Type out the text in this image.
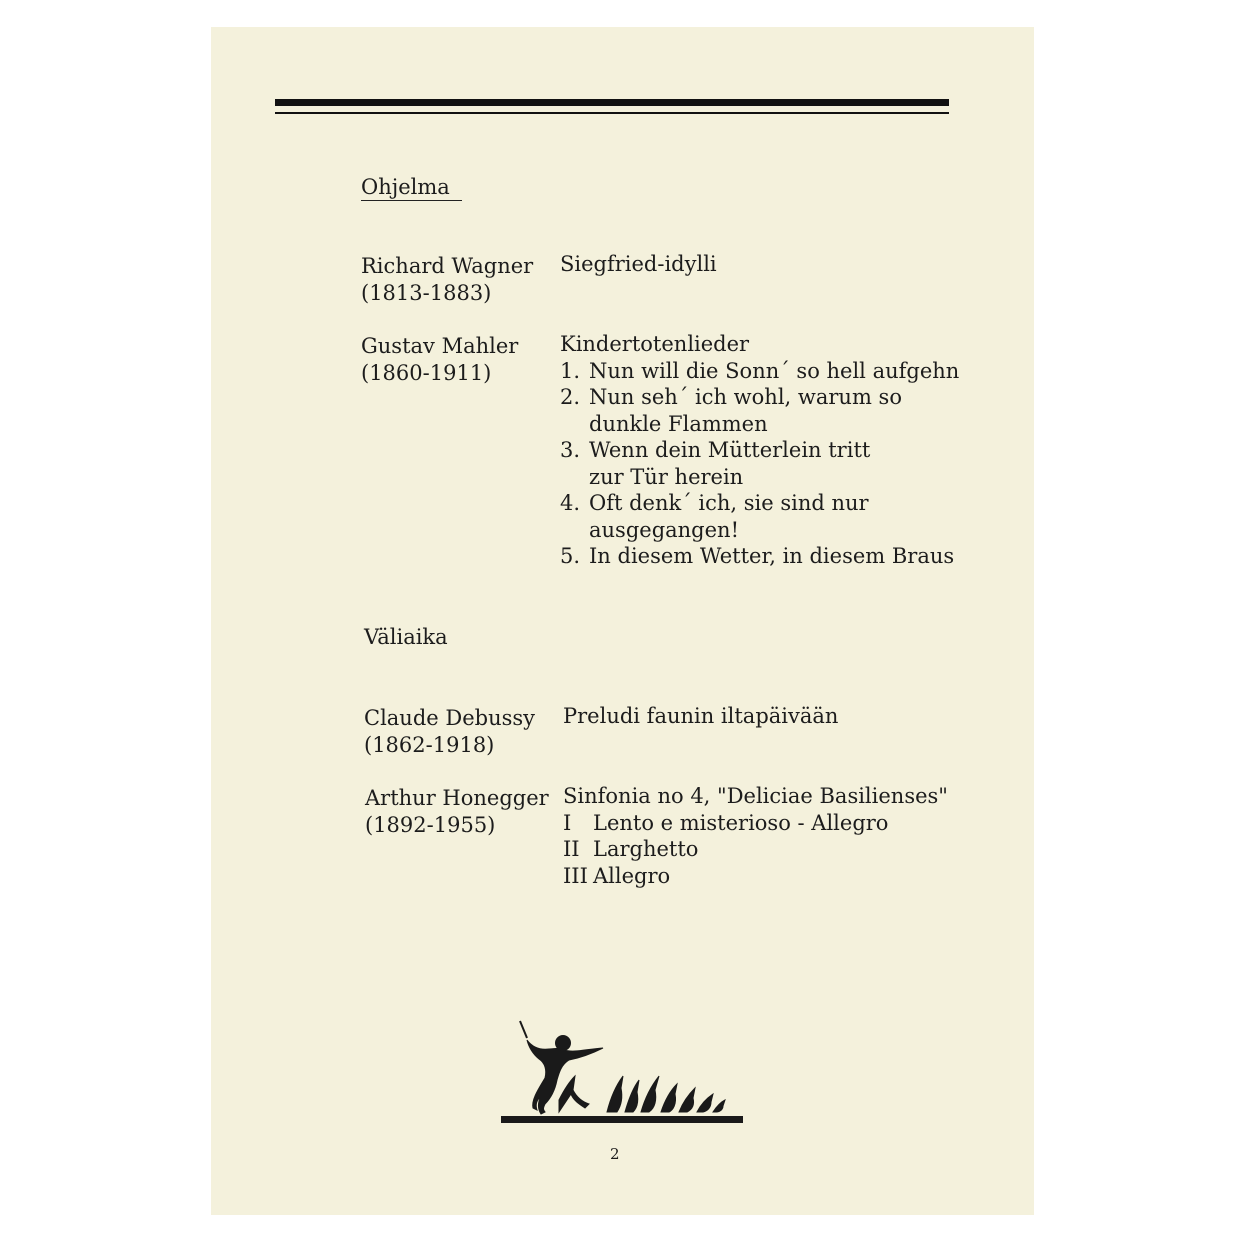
Ohjelma
Richard Wagner
(1813-1883)
Siegfried-idylli
Gustav Mahler
(1860-1911)
Kindertotenlieder
1. Nun will die Sonn´ so hell aufgehn
2. Nun seh´ ich wohl, warum so
dunkle Flammen
3. Wenn dein Mütterlein tritt
zur Tür herein
4. Oft denk´ ich, sie sind nur
ausgegangen!
5. In diesem Wetter, in diesem Braus
Väliaika
Claude Debussy
(1862-1918)
Preludi faunin iltapäivään
Arthur Honegger
(1892-1955)
Sinfonia no 4, "Deliciae Basilienses"
I Lento e misterioso - Allegro
II Larghetto
III Allegro
2
